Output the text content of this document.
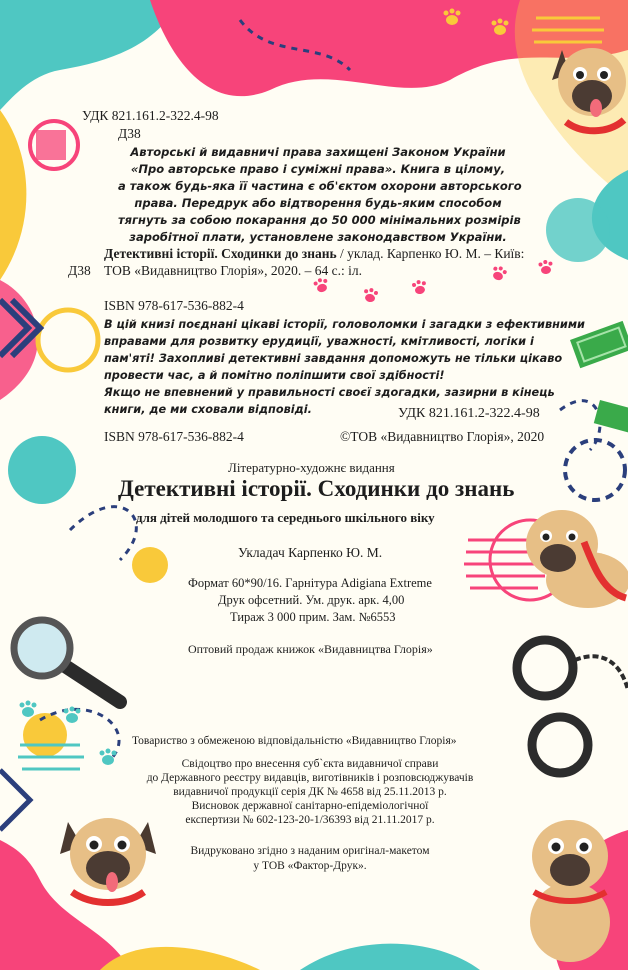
УДК 821.161.2-322.4-98

Д38

Авторські й видавничі права захищені Законом України

«Про авторське право і суміжні права». Книга в цілому,

а також будь-яка її частина є об'єктом охорони авторського

права. Передрук або відтворення будь-яким способом

тягнуть за собою покарання до 50 000 мінімальних розмірів

заробітної плати, установлене законодавством України.

Детективні історії. Сходинки до знань / уклад. Карпенко Ю. М. – Київ:

Д38 ТОВ «Видавництво Глорія», 2020. – 64 с.: іл.

ISBN 978-617-536-882-4

В цій книзі поєднані цікаві історії, головоломки і загадки з ефективними

вправами для розвитку ерудиції, уважності, кмітливості, логіки і

пам'яті! Захопливі детективні завдання допоможуть не тільки цікаво

провести час, а й помітно поліпшити свої здібності!

Якщо не впевнений у правильності своєї здогадки, зазирни в кінець

книги, де ми сховали відповіді.	УДК 821.161.2-322.4-98

ISBN 978-617-536-882-4	©ТОВ «Видавництво Глорія», 2020

Літературно-художнє видання

Детективні історії. Сходинки до знань

для дітей молодшого та середнього шкільного віку

Укладач Карпенко Ю. М.

Формат 60*90/16. Гарнітура Adigiana Extreme

Друк офсетний. Ум. друк. арк. 4,00

Тираж 3 000 прим. Зам. №6553

Оптовий продаж книжок «Видавництва Глорія»

Товариство з обмеженою відповідальністю «Видавництво Глорія»

Свідоцтво про внесення суб`єкта видавничої справи

до Державного реєстру видавців, виготівників і розповсюджувачів

видавничої продукції серія ДК № 4658 від 25.11.2013 р.

Висновок державної санітарно-епідеміологічної

експертизи № 602-123-20-1/36393 від 21.11.2017 р.

Видруковано згідно з наданим оригінал-макетом

у ТОВ «Фактор-Друк».
